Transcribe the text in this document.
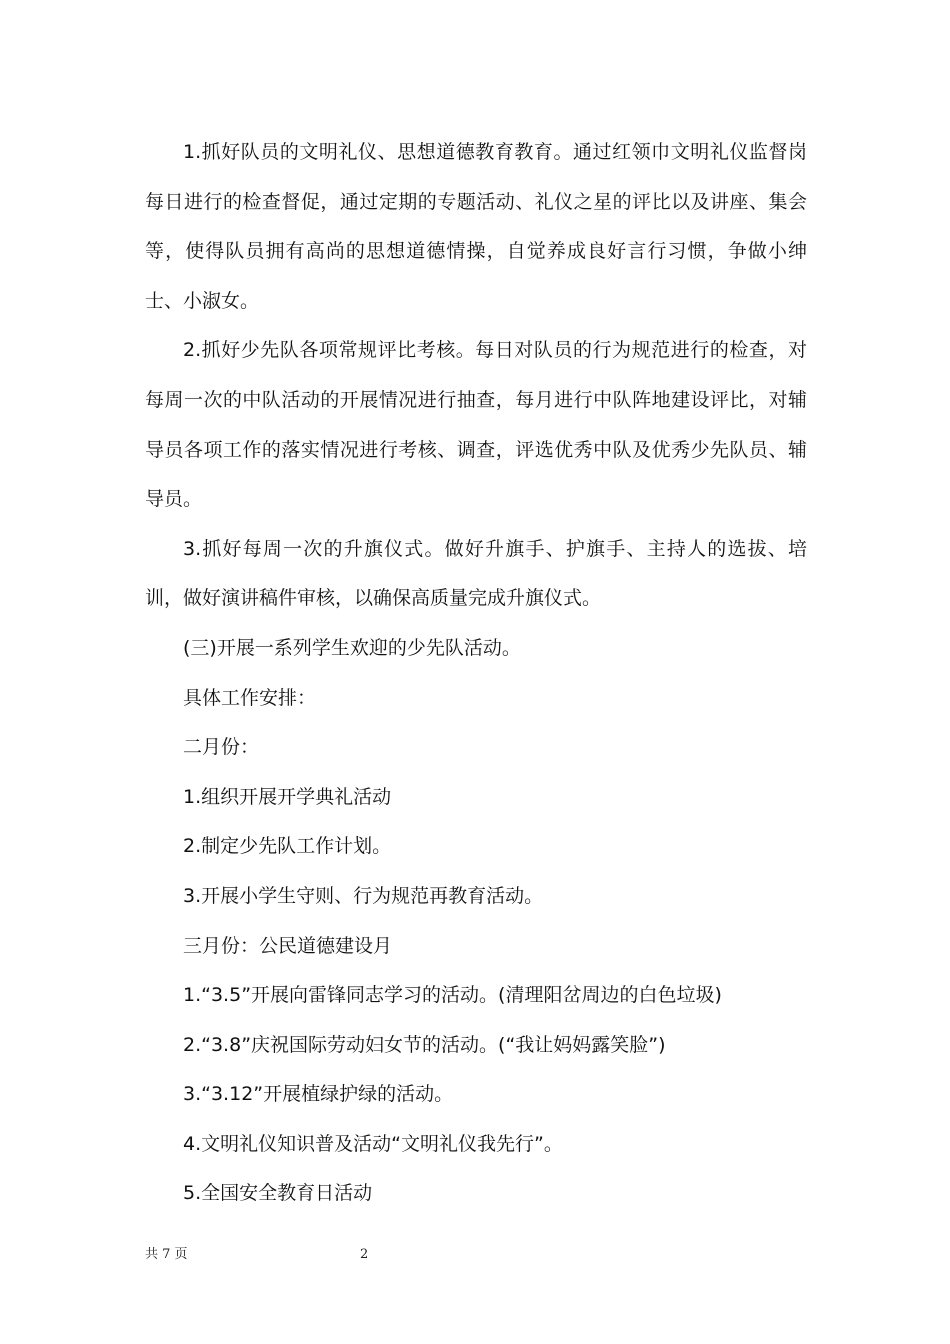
1.抓好队员的文明礼仪、思想道德教育教育。通过红领巾文明礼仪监督岗每日进行的检查督促，通过定期的专题活动、礼仪之星的评比以及讲座、集会等，使得队员拥有高尚的思想道德情操，自觉养成良好言行习惯，争做小绅士、小淑女。

2.抓好少先队各项常规评比考核。每日对队员的行为规范进行的检查，对每周一次的中队活动的开展情况进行抽查，每月进行中队阵地建设评比，对辅导员各项工作的落实情况进行考核、调查，评选优秀中队及优秀少先队员、辅导员。

3.抓好每周一次的升旗仪式。做好升旗手、护旗手、主持人的选拔、培训，做好演讲稿件审核，以确保高质量完成升旗仪式。

(三)开展一系列学生欢迎的少先队活动。

具体工作安排：

二月份：

1.组织开展开学典礼活动

2.制定少先队工作计划。

3.开展小学生守则、行为规范再教育活动。

三月份：公民道德建设月

1.“3.5”开展向雷锋同志学习的活动。(清理阳岔周边的白色垃圾)

2.“3.8”庆祝国际劳动妇女节的活动。(“我让妈妈露笑脸”)

3.“3.12”开展植绿护绿的活动。

4.文明礼仪知识普及活动“文明礼仪我先行”。

5.全国安全教育日活动

共 7 页	2
